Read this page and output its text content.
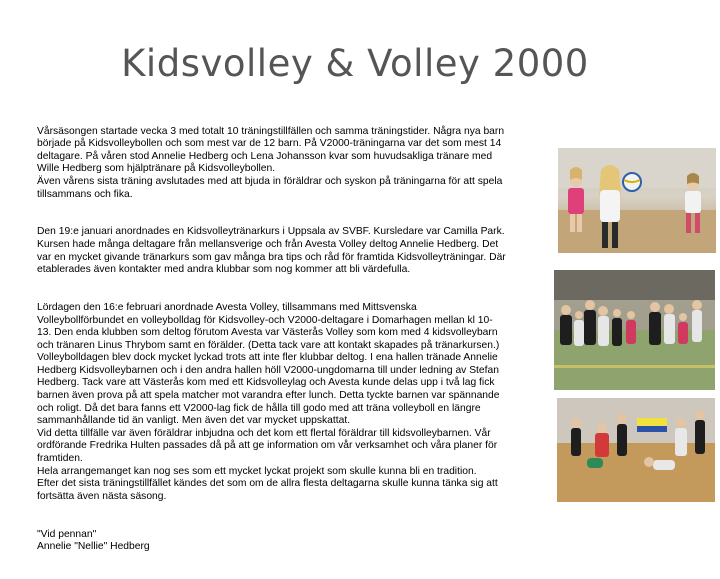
Kidsvolley & Volley 2000

Vårsäsongen startade vecka 3 med totalt 10 träningstillfällen och samma träningstider. Några nya barn
började på Kidsvolleybollen och som mest var de 12 barn. På V2000-träningarna var det som mest 14
deltagare. På våren stod Annelie Hedberg och Lena Johansson kvar som huvudsakliga tränare med
Wille Hedberg som hjälptränare på Kidsvolleybollen.
Även vårens sista träning avslutades med att bjuda in föräldrar och syskon på träningarna för att spela
tillsammans och fika.

Den 19:e januari anordnades en Kidsvolleytränarkurs i Uppsala av SVBF. Kursledare var Camilla Park.
Kursen hade många deltagare från mellansverige och från Avesta Volley deltog Annelie Hedberg. Det
var en mycket givande tränarkurs som gav många bra tips och råd för framtida Kidsvolleyträningar. Där
etablerades även kontakter med andra klubbar som nog kommer att bli värdefulla.

Lördagen den 16:e februari anordnade Avesta Volley, tillsammans med Mittsvenska
Volleybollförbundet en volleybolldag för Kidsvolley-och V2000-deltagare i Domarhagen mellan kl 10-
13. Den enda klubben som deltog förutom Avesta var Västerås Volley som kom med 4 kidsvolleybarn
och tränaren Linus Thrybom samt en förälder. (Detta tack vare att kontakt skapades på tränarkursen.)
Volleybolldagen blev dock mycket lyckad trots att inte fler klubbar deltog. I ena hallen tränade Annelie
Hedberg Kidsvolleybarnen och i den andra hallen höll V2000-ungdomarna till under ledning av Stefan
Hedberg. Tack vare att Västerås kom med ett Kidsvolleylag och Avesta kunde delas upp i två lag fick
barnen även prova på att spela matcher mot varandra efter lunch. Detta tyckte barnen var spännande
och roligt. Då det bara fanns ett V2000-lag fick de hålla till godo med att träna volleyboll en längre
sammanhållande tid än vanligt. Men även det var mycket uppskattat.
Vid detta tillfälle var även föräldrar inbjudna och det kom ett flertal föräldrar till kidsvolleybarnen. Vår
ordförande Fredrika Hulten passades då på att ge information om vår verksamhet och våra planer för
framtiden.
Hela arrangemanget kan nog ses som ett mycket lyckat projekt som skulle kunna bli en tradition.
Efter det sista träningstillfället kändes det som om de allra flesta deltagarna skulle kunna tänka sig att
fortsätta även nästa säsong.

"Vid pennan"
Annelie "Nellie" Hedberg
